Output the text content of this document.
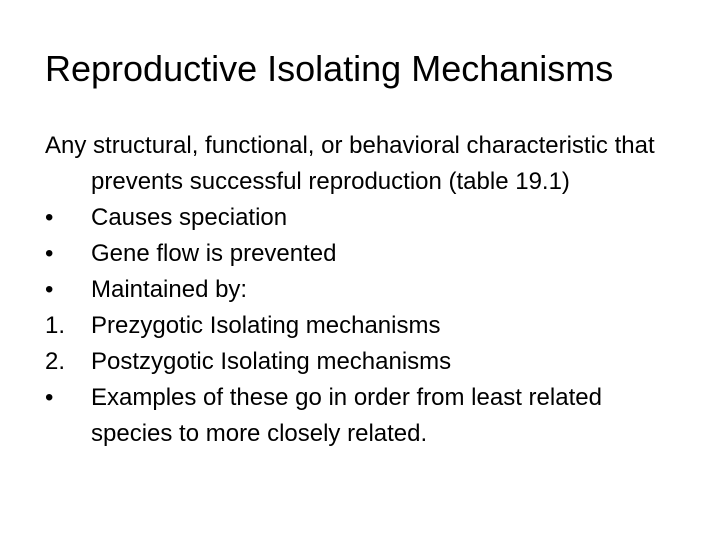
Reproductive Isolating Mechanisms

Any structural, functional, or behavioral characteristic that prevents successful reproduction (table 19.1)

•	Causes speciation

•	Gene flow is prevented

•	Maintained by:

1.	Prezygotic Isolating mechanisms

2.	Postzygotic Isolating mechanisms

•	Examples of these go in order from least related species to more closely related.
